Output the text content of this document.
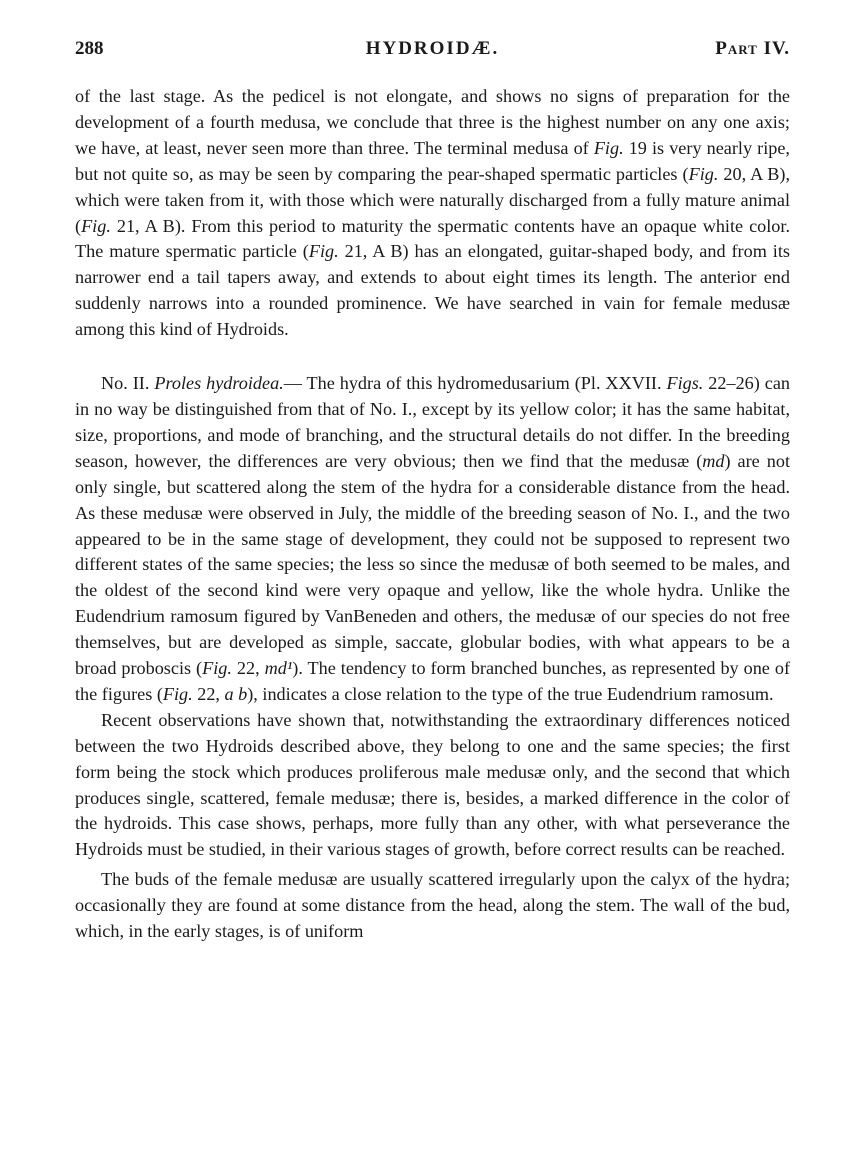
288	HYDROIDÆ.	Part IV.

of the last stage. As the pedicel is not elongate, and shows no signs of preparation for the development of a fourth medusa, we conclude that three is the highest number on any one axis; we have, at least, never seen more than three. The terminal medusa of Fig. 19 is very nearly ripe, but not quite so, as may be seen by comparing the pear-shaped spermatic particles (Fig. 20, A B), which were taken from it, with those which were naturally discharged from a fully mature animal (Fig. 21, A B). From this period to maturity the spermatic contents have an opaque white color. The mature spermatic particle (Fig. 21, A B) has an elongated, guitar-shaped body, and from its narrower end a tail tapers away, and extends to about eight times its length. The anterior end suddenly narrows into a rounded prominence. We have searched in vain for female medusæ among this kind of Hydroids.

No. II. Proles hydroidea.— The hydra of this hydromedusarium (Pl. XXVII. Figs. 22–26) can in no way be distinguished from that of No. I., except by its yellow color; it has the same habitat, size, proportions, and mode of branching, and the structural details do not differ. In the breeding season, however, the differences are very obvious; then we find that the medusæ (md) are not only single, but scattered along the stem of the hydra for a considerable distance from the head. As these medusæ were observed in July, the middle of the breeding season of No. I., and the two appeared to be in the same stage of development, they could not be supposed to represent two different states of the same species; the less so since the medusæ of both seemed to be males, and the oldest of the second kind were very opaque and yellow, like the whole hydra. Unlike the Eudendrium ramosum figured by VanBeneden and others, the medusæ of our species do not free themselves, but are developed as simple, saccate, globular bodies, with what appears to be a broad proboscis (Fig. 22, md¹). The tendency to form branched bunches, as represented by one of the figures (Fig. 22, a b), indicates a close relation to the type of the true Eudendrium ramosum.

Recent observations have shown that, notwithstanding the extraordinary differences noticed between the two Hydroids described above, they belong to one and the same species; the first form being the stock which produces proliferous male medusæ only, and the second that which produces single, scattered, female medusæ; there is, besides, a marked difference in the color of the hydroids. This case shows, perhaps, more fully than any other, with what perseverance the Hydroids must be studied, in their various stages of growth, before correct results can be reached.

The buds of the female medusæ are usually scattered irregularly upon the calyx of the hydra; occasionally they are found at some distance from the head, along the stem. The wall of the bud, which, in the early stages, is of uniform
